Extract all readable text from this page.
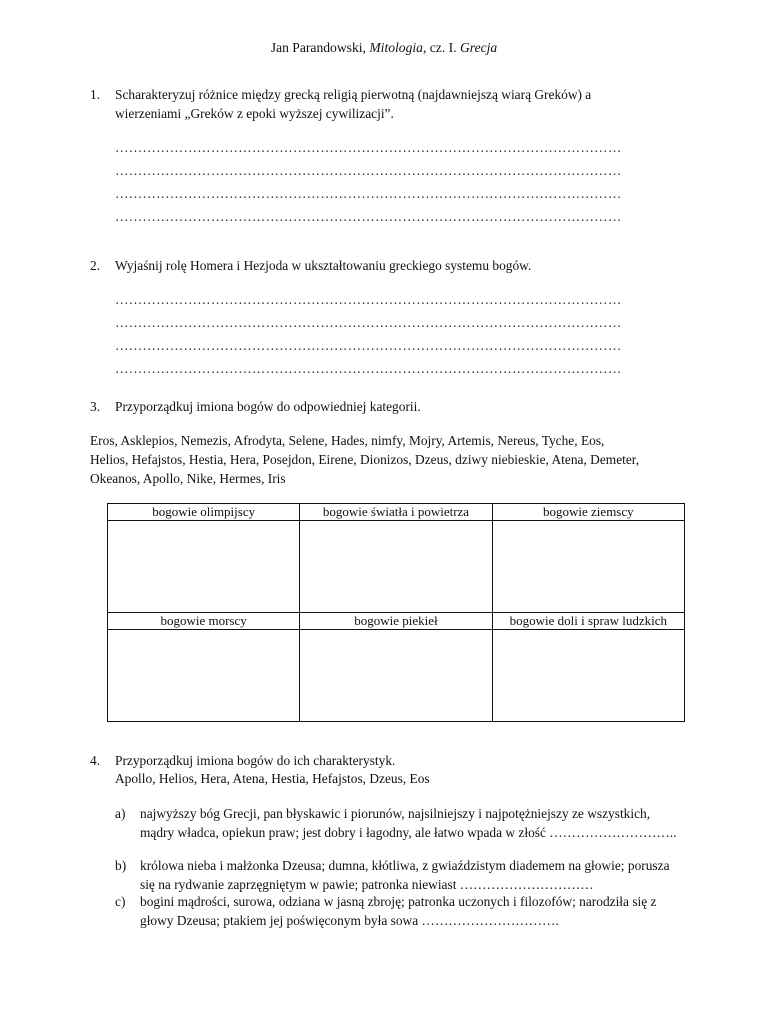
Jan Parandowski, Mitologia, cz. I. Grecja
1. Scharakteryzuj różnice między grecką religią pierwotną (najdawniejszą wiarą Greków) a wierzeniami „Greków z epoki wyższej cywilizacji”.
…………………………………………………………………………………………………
…………………………………………………………………………………………………
…………………………………………………………………………………………………
…………………………………………………………………………………………………
2. Wyjaśnij rolę Homera i Hezjoda w ukształtowaniu greckiego systemu bogów.
…………………………………………………………………………………………………
…………………………………………………………………………………………………
…………………………………………………………………………………………………
…………………………………………………………………………………………………
3. Przyporządkuj imiona bogów do odpowiedniej kategorii.
Eros, Asklepios, Nemezis, Afrodyta, Selene, Hades, nimfy, Mojry, Artemis, Nereus, Tyche, Eos,
Helios, Hefajstos, Hestia, Hera, Posejdon, Eirene, Dionizos, Dzeus, dziwy niebieskie, Atena, Demeter,
Okeanos, Apollo, Nike, Hermes, Iris
bogowie olimpijscy	bogowie światła i powietrza	bogowie ziemscy

bogowie morscy	bogowie piekieł	bogowie doli i spraw ludzkich

4. Przyporządkuj imiona bogów do ich charakterystyk.
Apollo, Helios, Hera, Atena, Hestia, Hefajstos, Dzeus, Eos
a) najwyższy bóg Grecji, pan błyskawic i piorunów, najsilniejszy i najpotężniejszy ze wszystkich, mądry władca, opiekun praw; jest dobry i łagodny, ale łatwo wpada w złość ………………………..
b) królowa nieba i małżonka Dzeusa; dumna, kłótliwa, z gwiaździstym diademem na głowie; porusza się na rydwanie zaprzęgniętym w pawie; patronka niewiast …………………………
c) bogini mądrości, surowa, odziana w jasną zbroję; patronka uczonych i filozofów; narodziła się z głowy Dzeusa; ptakiem jej poświęconym była sowa ………………………….
